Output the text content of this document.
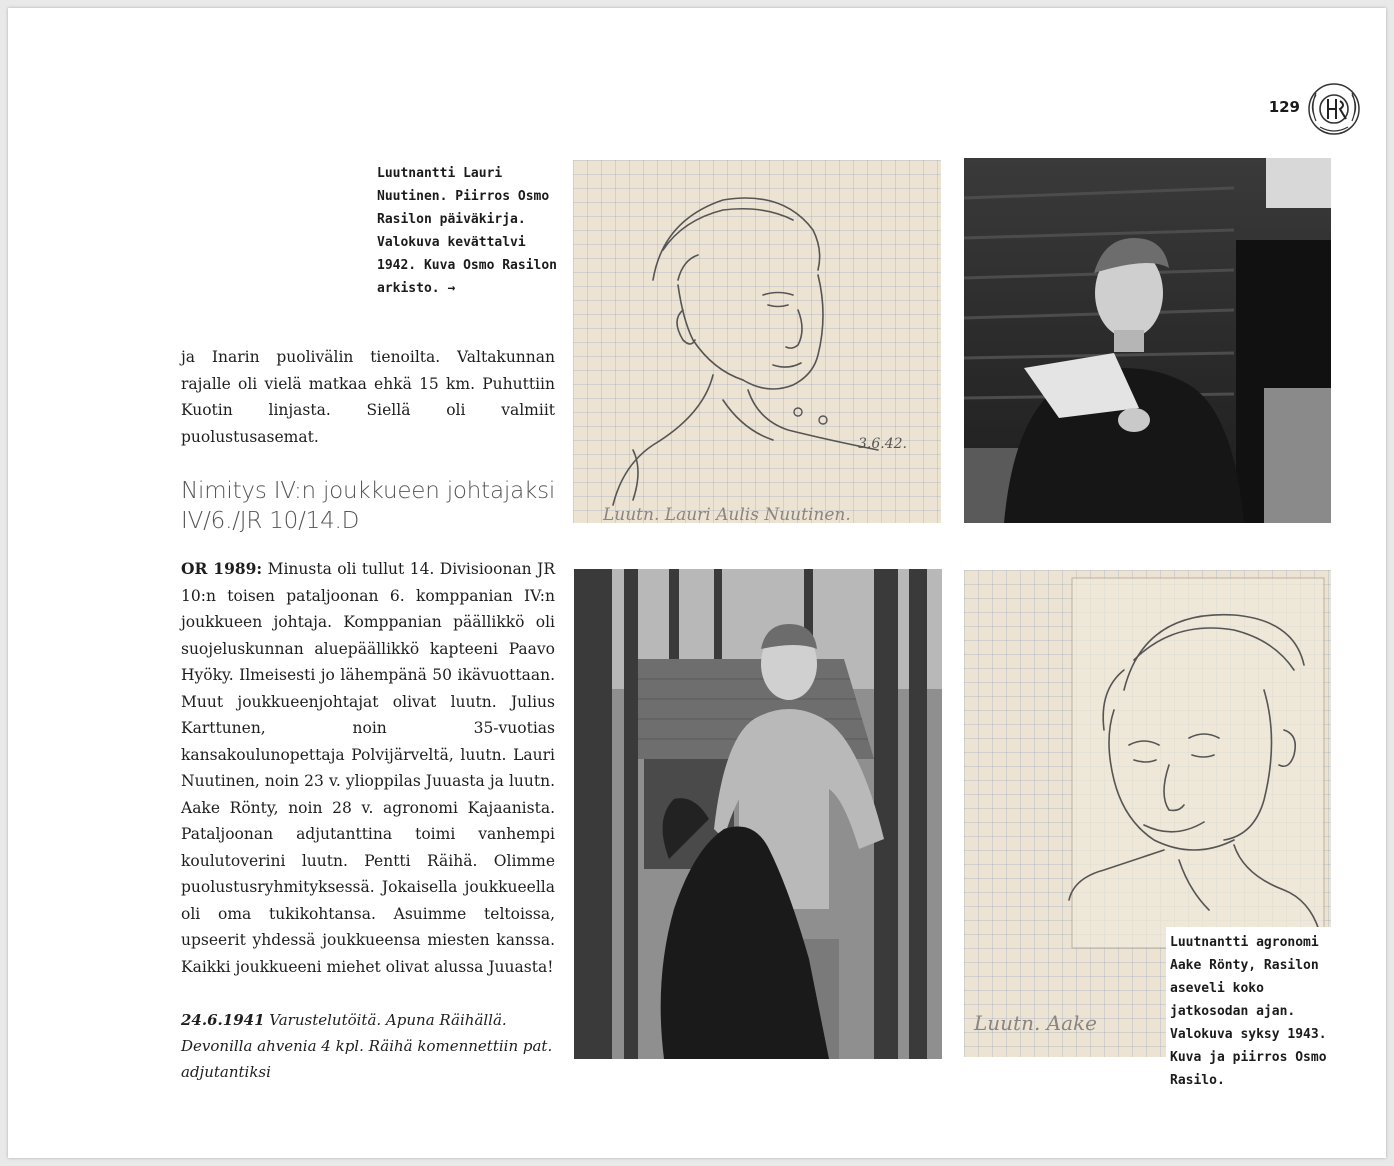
129
Luutnantti Lauri Nuutinen. Piirros Osmo Rasilon päiväkirja. Valokuva kevättalvi 1942. Kuva Osmo Rasilon arkisto. →
ja Inarin puolivälin tienoilta. Valtakunnan rajalle oli vielä matkaa ehkä 15 km. Puhuttiin Kuotin linjasta. Siellä oli valmiit puolustusasemat.
Nimitys IV:n joukkueen johtajaksi IV/6./JR 10/14.D
OR 1989: Minusta oli tullut 14. Divisioonan JR 10:n toisen pataljoonan 6. komppanian IV:n joukkueen johtaja. Komppanian päällikkö oli suojeluskunnan aluepäällikkö kapteeni Paavo Hyöky. Ilmeisesti jo lähempänä 50 ikävuottaan. Muut joukkueenjohtajat olivat luutn. Julius Karttunen, noin 35-vuotias kansakoulunopettaja Polvijärveltä, luutn. Lauri Nuutinen, noin 23 v. ylioppilas Juuasta ja luutn. Aake Rönty, noin 28 v. agronomi Kajaanista. Pataljoonan adjutanttina toimi vanhempi koulutoverini luutn. Pentti Räihä. Olimme puolustusryhmityksessä. Jokaisella joukkueella oli oma tukikohtansa. Asuimme teltoissa, upseerit yhdessä joukkueensa miesten kanssa. Kaikki joukkueeni miehet olivat alussa Juuasta!
24.6.1941 Varustelutöitä. Apuna Räihällä. Devonilla ahvenia 4 kpl. Räihä komennettiin pat. adjutantiksi
3.6.42.
Luutn. Lauri Aulis Nuutinen.
Luutn. Aake
Luutnantti agronomi Aake Rönty, Rasilon aseveli koko jatkosodan ajan. Valokuva syksy 1943. Kuva ja piirros Osmo Rasilo.
